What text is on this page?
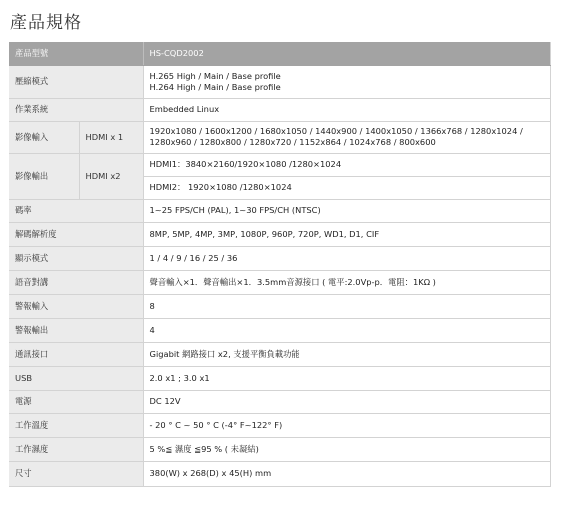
產品規格
產品型號		HS-CQD2002
壓縮模式		H.265 High / Main / Base profile
H.264 High / Main / Base profile

作業系統		Embedded Linux
影像輸入	HDMI x 1	1920x1080 / 1600x1200 / 1680x1050 / 1440x900 / 1400x1050 / 1366x768 / 1280x1024 /
1280x960 / 1280x800 / 1280x720 / 1152x864 / 1024x768 / 800x600

影像輸出	HDMI x2	HDMI1：3840×2160/1920×1080 /1280×1024
		HDMI2： 1920×1080 /1280×1024
碼率		1~25 FPS/CH (PAL), 1~30 FPS/CH (NTSC)
解碼解析度		8MP, 5MP, 4MP, 3MP, 1080P, 960P, 720P, WD1, D1, CIF
顯示模式		1 / 4 / 9 / 16 / 25 / 36
語音對講		聲音輸入×1．聲音輸出×1．3.5mm音源接口 ( 電平:2.0Vp-p．電阻：1KΩ )
警報輸入		8
警報輸出		4
通訊接口		Gigabit 網路接口 x2, 支援平衡負載功能
USB		2.0 x1 ; 3.0 x1
電源		DC 12V
工作溫度		- 20 ° C ~ 50 ° C (-4° F~122° F)
工作濕度		5 %≦ 濕度 ≦95 % ( 未凝結)
尺寸		380(W) x 268(D) x 45(H) mm
